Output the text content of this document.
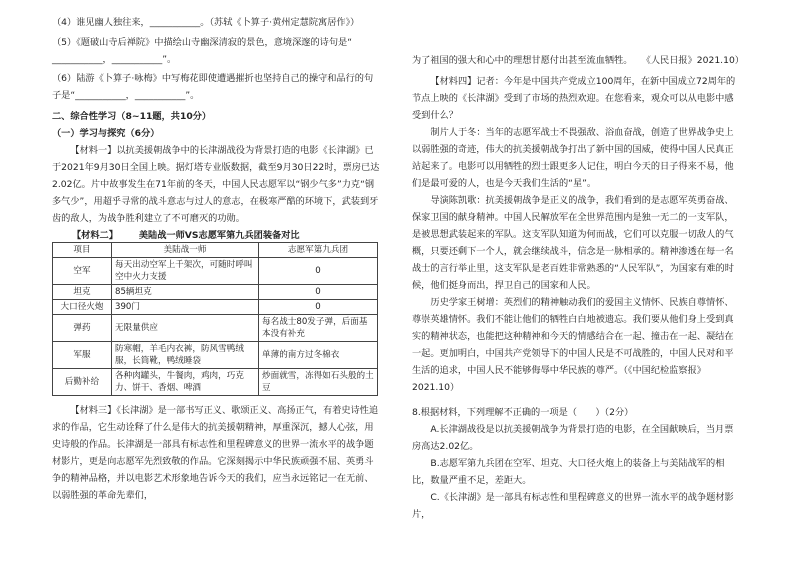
（4）谁见幽人独往来，___________。（苏轼《卜算子·黄州定慧院寓居作》）

（5）《题破山寺后禅院》中描绘山寺幽深清寂的景色，意境深邃的诗句是“

___________，___________”。

（6）陆游《卜算子·咏梅》中写梅花即使遭遇摧折也坚持自己的操守和品行的句子是“___________，___________”。

二、综合性学习（8~11题，共10分）

（一）学习与探究（6分）

【材料一】以抗美援朝战争中的长津湖战役为背景打造的电影《长津湖》已于2021年9月30日全国上映。据灯塔专业版数据，截至9月30日22时，票房已达2.02亿。片中故事发生在71年前的冬天，中国人民志愿军以“钢少气多”力克“钢多气少”，用超乎寻常的战斗意志与过人的意志，在极寒严酷的环境下，武装到牙齿的敌人，为战争胜利建立了不可磨灭的功勋。

【材料二】 美陆战一师VS志愿军第九兵团装备对比
项目	美陆战一师	志愿军第九兵团
空军	每天出动空军上千架次，可随时呼叫空中火力支援	0
坦克	85辆坦克	0
大口径火炮	390门	0
弹药	无限量供应	每名战士80发子弹，后面基本没有补充
军服	防寒帽，羊毛内衣裤，防风雪鸭绒服，长筒靴，鸭绒睡袋	单薄的南方过冬棉衣
后勤补给	各种肉罐头，牛餐肉，鸡肉，巧克力、饼干、香烟、啤酒	炒面就雪，冻得如石头般的土豆

【材料三】《长津湖》是一部书写正义、歌颂正义、高扬正气，有着史诗性追求的作品，它生动诠释了什么是伟大的抗美援朝精神，厚重深沉，撼人心弦，用史诗般的作品。长津湖是一部具有标志性和里程碑意义的世界一流水平的战争题材影片，更是向志愿军先烈致敬的作品。它深刻揭示中华民族顽强不屈、英勇斗争的精神品格，并以电影艺术形象地告诉今天的我们，应当永远铭记一在无前、以弱胜强的革命先辈们，

为了祖国的强大和心中的理想甘愿付出甚至流血牺牲。　　《人民日报》2021.10）

【材料四】记者：今年是中国共产党成立100周年，在新中国成立72周年的节点上映的《长津湖》受到了市场的热烈欢迎。在您看来，观众可以从电影中感受到什么？

制片人于冬：当年的志愿军战士不畏强敌、浴血奋战，创造了世界战争史上以弱胜强的奇迹，伟大的抗美援朝战争打出了新中国的国威，使得中国人民真正站起来了。电影可以用牺牲的烈士跟更多人记住，明白今天的日子得来不易，他们是最可爱的人，也是今天我们生活的“星”。

导演陈凯歌：抗美援朝战争是正义的战争，我们看到的是志愿军英勇奋战、保家卫国的献身精神。中国人民解放军在全世界范围内是独一无二的一支军队，是被思想武装起来的军队。这支军队知道为何而战，它们可以克服一切敌人的气概，只要还剩下一个人，就会继续战斗，信念是一脉相承的。精神渗透在每一名战士的言行举止里，这支军队是老百姓非常熟悉的“人民军队”，为国家有难的时候，他们挺身而出，捍卫自己的国家和人民。

历史学家王树增：英烈们的精神触动我们的爱国主义情怀、民族自尊情怀、尊崇英雄情怀。我们不能让他们的牺牲白白地被遗忘。我们要从他们身上受到真实的精神状态，也能把这种精神和今天的情感结合在一起、撞击在一起、凝结在一起。更加明白，中国共产党领导下的中国人民是不可战胜的，中国人民对和平生活的追求，中国人民不能够侮辱中华民族的尊严。（《中国纪检监察报》2021.10）

8.根据材料，下列理解不正确的一项是（　　）（2分）

A.长津湖战役是以抗美援朝战争为背景打造的电影，在全国献映后，当月票房高达2.02亿。

B.志愿军第九兵团在空军、坦克、大口径火炮上的装备上与美陆战军的相比，数量严重不足，差距大。

C.《长津湖》是一部具有标志性和里程碑意义的世界一流水平的战争题材影片，
